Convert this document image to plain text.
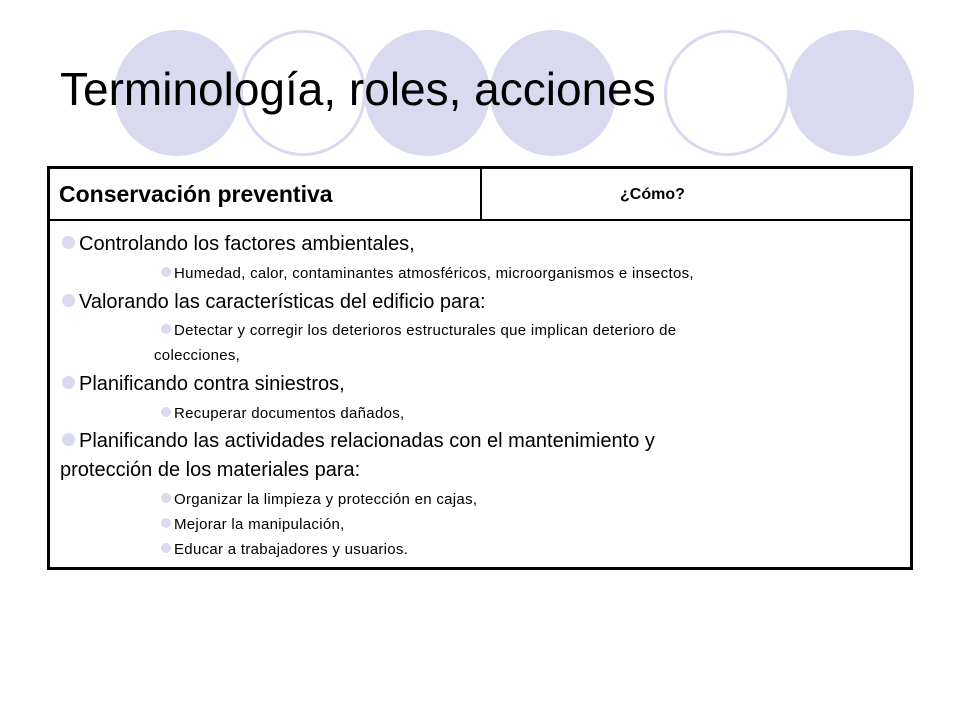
Terminología, roles, acciones
Conservación preventiva	¿Cómo?
Controlando los factores ambientales,
Humedad, calor, contaminantes atmosféricos, microorganismos e insectos,
Valorando las características del edificio para:
Detectar y corregir los deterioros estructurales que implican deterioro de
colecciones,
Planificando contra siniestros,
Recuperar documentos dañados,
Planificando las actividades relacionadas con el mantenimiento y
protección de los materiales para:
Organizar la limpieza y protección en cajas,
Mejorar la manipulación,
Educar a trabajadores y usuarios.
